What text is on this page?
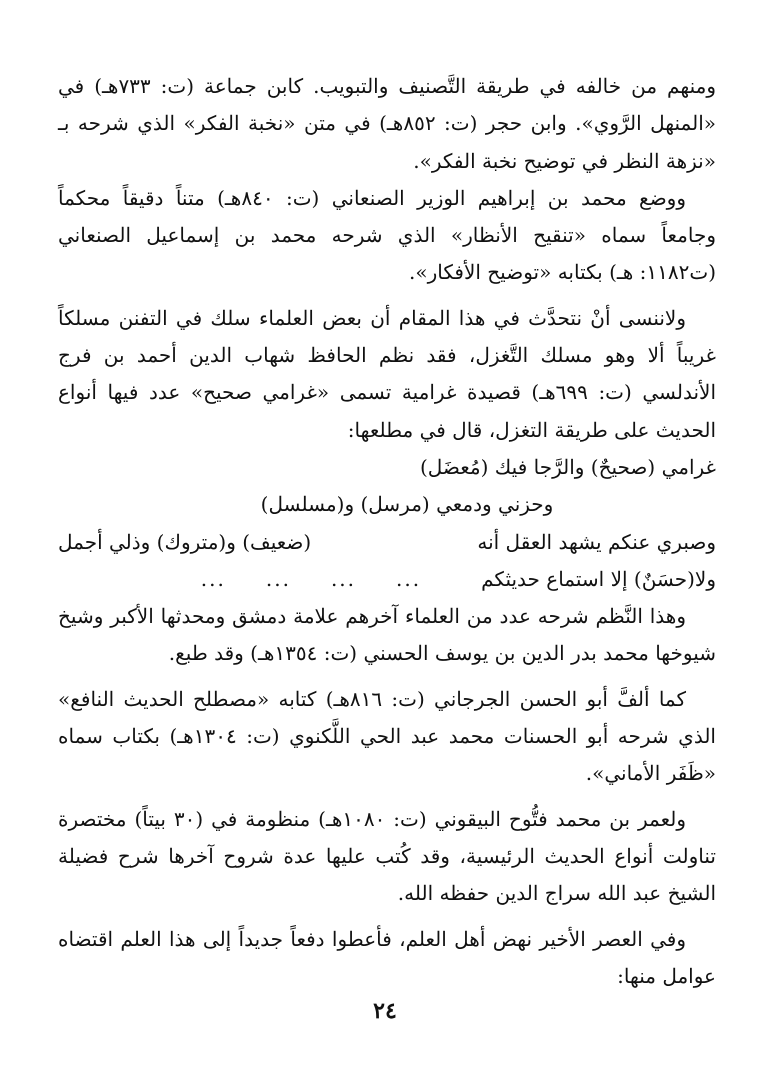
ومنهم من خالفه في طريقة التَّصنيف والتبويب. كابن جماعة (ت: ٧٣٣هـ) في «المنهل الرَّوي». وابن حجر (ت: ٨٥٢هـ) في متن «نخبة الفكر» الذي شرحه بـ «نزهة النظر في توضيح نخبة الفكر».

ووضع محمد بن إبراهيم الوزير الصنعاني (ت: ٨٤٠هـ) متناً دقيقاً محكماً وجامعاً سماه «تنقيح الأنظار» الذي شرحه محمد بن إسماعيل الصنعاني (ت١١٨٢: هـ) بكتابه «توضيح الأفكار».

ولاننسى أنْ نتحدَّث في هذا المقام أن بعض العلماء سلك في التفنن مسلكاً غريباً ألا وهو مسلك التَّغزل، فقد نظم الحافظ شهاب الدين أحمد بن فرج الأندلسي (ت: ٦٩٩هـ) قصيدة غرامية تسمى «غرامي صحيح» عدد فيها أنواع الحديث على طريقة التغزل، قال في مطلعها:

غرامي (صحيحٌ) والرَّجا فيك (مُعضَل)
وحزني ودمعي (مرسل) و(مسلسل)
وصبري عنكم يشهد العقل أنه
(ضعيف) و(متروك) وذلي أجمل
ولا(حسَنٌ) إلا استماع حديثكم
............

وهذا النَّظم شرحه عدد من العلماء آخرهم علامة دمشق ومحدثها الأكبر وشيخ شيوخها محمد بدر الدين بن يوسف الحسني (ت: ١٣٥٤هـ) وقد طبع.

كما ألفَّ أبو الحسن الجرجاني (ت: ٨١٦هـ) كتابه «مصطلح الحديث النافع» الذي شرحه أبو الحسنات محمد عبد الحي اللَّكنوي (ت: ١٣٠٤هـ) بكتاب سماه «ظَفَر الأماني».

ولعمر بن محمد فتُّوح البيقوني (ت: ١٠٨٠هـ) منظومة في (٣٠ بيتاً) مختصرة تناولت أنواع الحديث الرئيسية، وقد كُتب عليها عدة شروح آخرها شرح فضيلة الشيخ عبد الله سراج الدين حفظه الله.

وفي العصر الأخير نهض أهل العلم، فأعطوا دفعاً جديداً إلى هذا العلم اقتضاه عوامل منها:

٢٤
